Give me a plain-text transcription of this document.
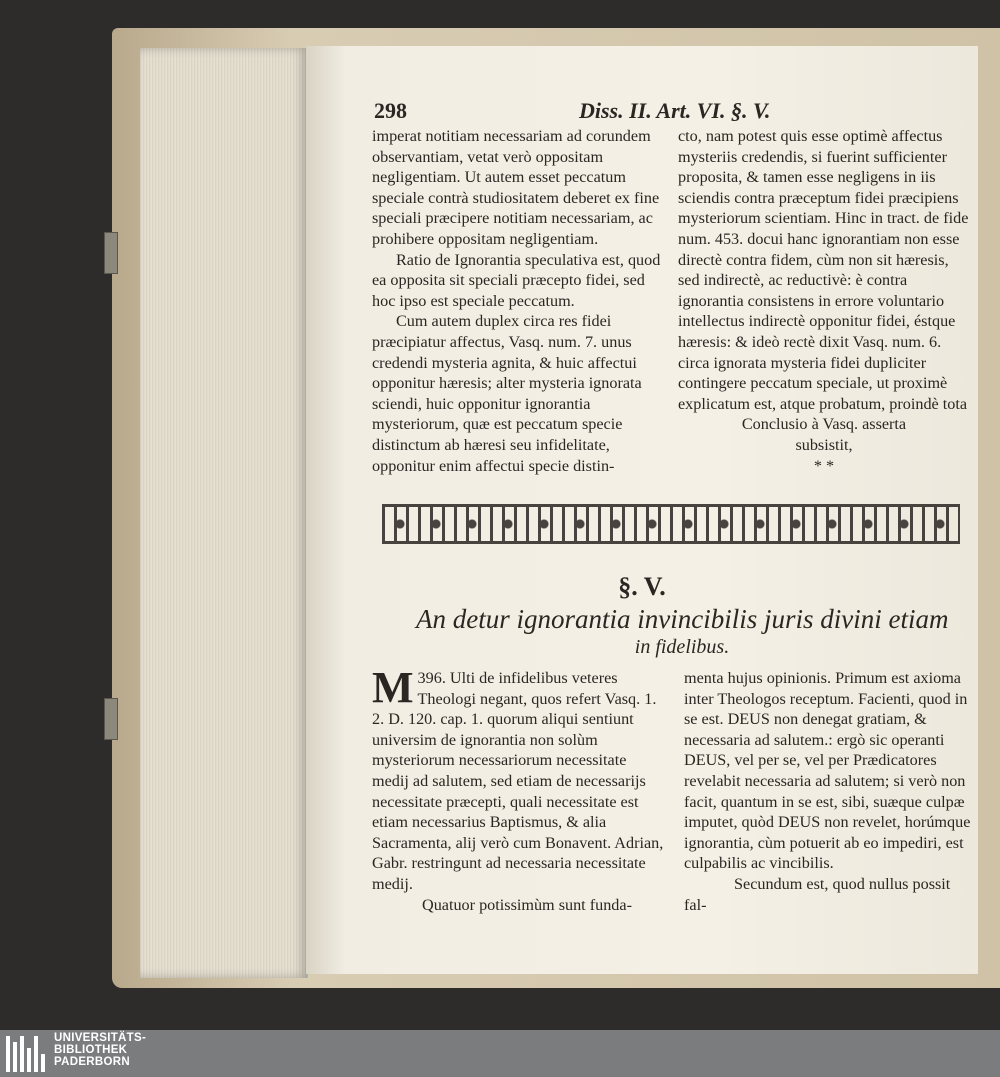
298	Diss. II. Art. VI. §. V.

imperat notitiam necessariam ad corundem observantiam, vetat verò oppositam negligentiam. Ut autem esset peccatum speciale contrà studiositatem deberet ex fine speciali præcipere notitiam necessariam, ac prohibere oppositam negligentiam.

Ratio de Ignorantia speculativa est, quod ea opposita sit speciali præcepto fidei, sed hoc ipso est speciale peccatum.

Cum autem duplex circa res fidei præcipiatur affectus, Vasq. num. 7. unus credendi mysteria agnita, & huic affectui opponitur hæresis; alter mysteria ignorata sciendi, huic opponitur ignorantia mysteriorum, quæ est peccatum specie distinctum ab hæresi seu infidelitate, opponitur enim affectui specie distin-

cto, nam potest quis esse optimè affectus mysteriis credendis, si fuerint sufficienter proposita, & tamen esse negligens in iis sciendis contra præceptum fidei præcipiens mysteriorum scientiam. Hinc in tract. de fide num. 453. docui hanc ignorantiam non esse directè contra fidem, cùm non sit hæresis, sed indirectè, ac reductivè: è contra ignorantia consistens in errore voluntario intellectus indirectè opponitur fidei, éstque hæresis: & ideò rectè dixit Vasq. num. 6. circa ignorata mysteria fidei dupliciter contingere peccatum speciale, ut proximè explicatum est, atque probatum, proindè tota

Conclusio à Vasq. asserta

subsistit,

* *

§. V.
An detur ignorantia invincibilis juris divini etiam
in fidelibus.

396.
M Ulti de infidelibus veteres Theologi negant, quos refert Vasq. 1. 2. D. 120. cap. 1. quorum aliqui sentiunt universim de ignorantia non solùm mysteriorum necessariorum necessitate medij ad salutem, sed etiam de necessarijs necessitate præcepti, quali necessitate est etiam necessarius Baptismus, & alia Sacramenta, alij verò cum Bonavent. Adrian, Gabr. restringunt ad necessaria necessitate medij.

Quatuor potissimùm sunt funda-

menta hujus opinionis. Primum est axioma inter Theologos receptum. Facienti, quod in se est. DEUS non denegat gratiam, & necessaria ad salutem.: ergò sic operanti DEUS, vel per se, vel per Prædicatores revelabit necessaria ad salutem; si verò non facit, quantum in se est, sibi, suæque culpæ imputet, quòd DEUS non revelet, horúmque ignorantia, cùm potuerit ab eo impediri, est culpabilis ac vincibilis.

Secundum est, quod nullus possit fal-

UNIVERSITÄTS-
BIBLIOTHEK
PADERBORN
